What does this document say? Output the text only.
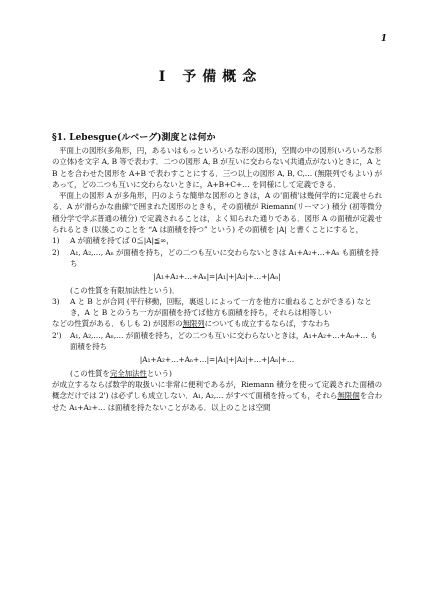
1
I 予備概念
§1. Lebesgue(ルベーグ)測度とは何か

平面上の図形(多角形，円，あるいはもっといろいろな形の図形)，空間の中の図形(いろいろな形の立体)を文字 A, B 等で表わす．二つの図形 A, B が互いに交わらない(共通点がない)ときに，A と B とを合わせた図形を A+B で表わすことにする．三つ以上の図形 A, B, C,… (無限列でもよい) があって，どの二つも互いに交わらないときに，A+B+C+… を同様にして定義できる．

平面上の図形 A が多角形，円のような簡単な図形のときは，A の'面積'は幾何学的に定義せられる．A が'滑らかな曲線'で囲まれた図形のときも，その面積が Riemann(リーマン) 積分 (初等微分積分学で学ぶ普通の積分) で定義されることは，よく知られた通りである．図形 A の面積が定義せられるとき (以後このことを “A は面積を持つ” という) その面積を |A| と書くことにすると，

1) A が面積を持てば 0≦|A|≦∞，
2) A₁, A₂,…, Aₙ が面積を持ち，どの二つも互いに交わらないときは A₁+A₂+…+Aₙ も面積を持ち
|A₁+A₂+…+Aₙ|=|A₁|+|A₂|+…+|Aₙ|
(この性質を有限加法性という)．
3) A と B とが合同 (平行移動，回転，裏返しによって一方を他方に重ねることができる) なとき，A と B とのうち一方が面積を持てば他方も面積を持ち，それらは相等しい

などの性質がある．もしも 2) が図形の無限列についても成立するならば，すなわち

2') A₁, A₂,…, Aₙ,… が面積を持ち，どの二つも互いに交わらないときは，A₁+A₂+…+Aₙ+… も面積を持ち
|A₁+A₂+…+Aₙ+…|=|A₁|+|A₂|+…+|Aₙ|+…
(この性質を完全加法性という)

が成立するならば数学的取扱いに非常に便利であるが，Riemann 積分を使って定義された面積の概念だけでは 2') は必ずしも成立しない．A₁, A₂,… がすべて面積を持っても，それら無限個を合わせた A₁+A₂+… は面積を持たないことがある．以上のことは空間
